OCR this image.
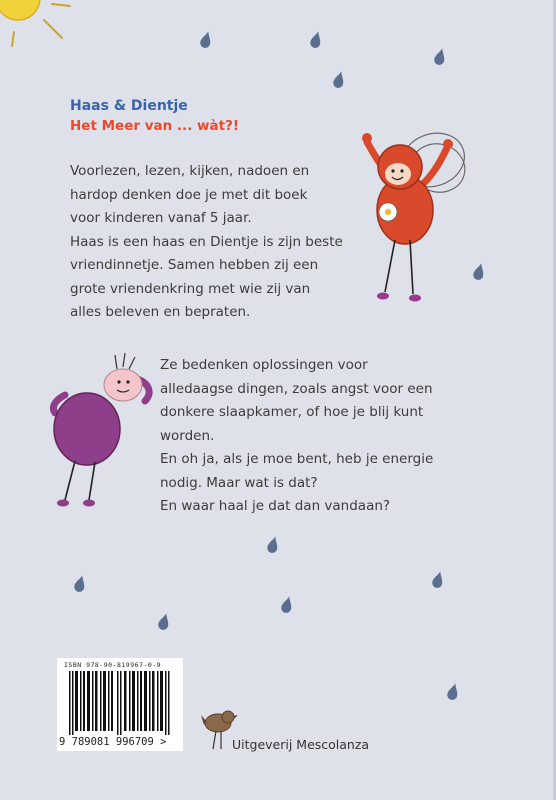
Haas & Dientje
Het Meer van ... wàt?!

Voorlezen, lezen, kijken, nadoen en

hardop denken doe je met dit boek

voor kinderen vanaf 5 jaar.

Haas is een haas en Dientje is zijn beste

vriendinnetje. Samen hebben zij een

grote vriendenkring met wie zij van

alles beleven en bepraten.

Ze bedenken oplossingen voor

alledaagse dingen, zoals angst voor een

donkere slaapkamer, of hoe je blij kunt

worden.

En oh ja, als je moe bent, heb je energie

nodig. Maar wat is dat?

En waar haal je dat dan vandaan?

ISBN 978-90-819967-0-9
9 789081 996709 >	Uitgeverij Mescolanza
